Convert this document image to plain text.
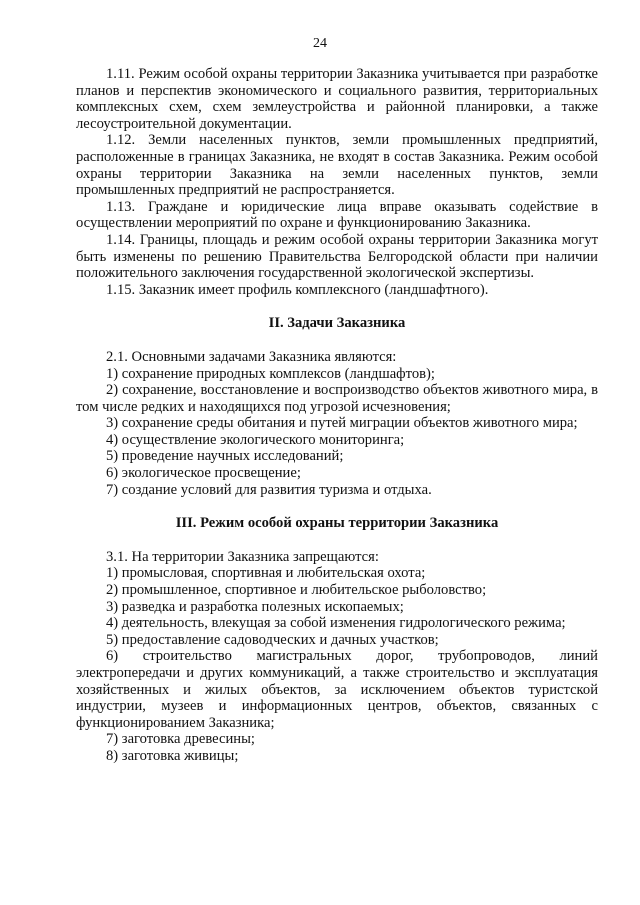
24

1.11. Режим особой охраны территории Заказника учитывается при разработке планов и перспектив экономического и социального развития, территориальных комплексных схем, схем землеустройства и районной планировки, а также лесоустроительной документации.

1.12. Земли населенных пунктов, земли промышленных предприятий, расположенные в границах Заказника, не входят в состав Заказника. Режим особой охраны территории Заказника на земли населенных пунктов, земли промышленных предприятий не распространяется.

1.13. Граждане и юридические лица вправе оказывать содействие в осуществлении мероприятий по охране и функционированию Заказника.

1.14. Границы, площадь и режим особой охраны территории Заказника могут быть изменены по решению Правительства Белгородской области при наличии положительного заключения государственной экологической экспертизы.

1.15. Заказник имеет профиль комплексного (ландшафтного).

II. Задачи Заказника

2.1. Основными задачами Заказника являются:

1) сохранение природных комплексов (ландшафтов);

2) сохранение, восстановлeние и воспроизводство объектов животного мира, в том числе редких и находящихся под угрозой исчезновения;

3) сохранение среды обитания и путей миграции объектов животного мира;

4) осуществление экологического мониторинга;

5) проведение научных исследований;

6) экологическое просвещение;

7) создание условий для развития туризма и отдыха.

III. Режим особой охраны территории Заказника

3.1. На территории Заказника запрещаются:

1) промысловая, спортивная и любительская охота;

2) промышленное, спортивное и любительское рыболовство;

3) разведка и разработка полезных ископаемых;

4) деятельность, влекущая за собой изменения гидрологического режима;

5) предоставление садоводческих и дачных участков;

6) строительство магистральных дорог, трубопроводов, линий электропередачи и других коммуникаций, а также строительство и эксплуатация хозяйственных и жилых объектов, за исключением объектов туристской индустрии, музеев и информационных центров, объектов, связанных с функционированием Заказника;

7) заготовка древесины;

8) заготовка живицы;
